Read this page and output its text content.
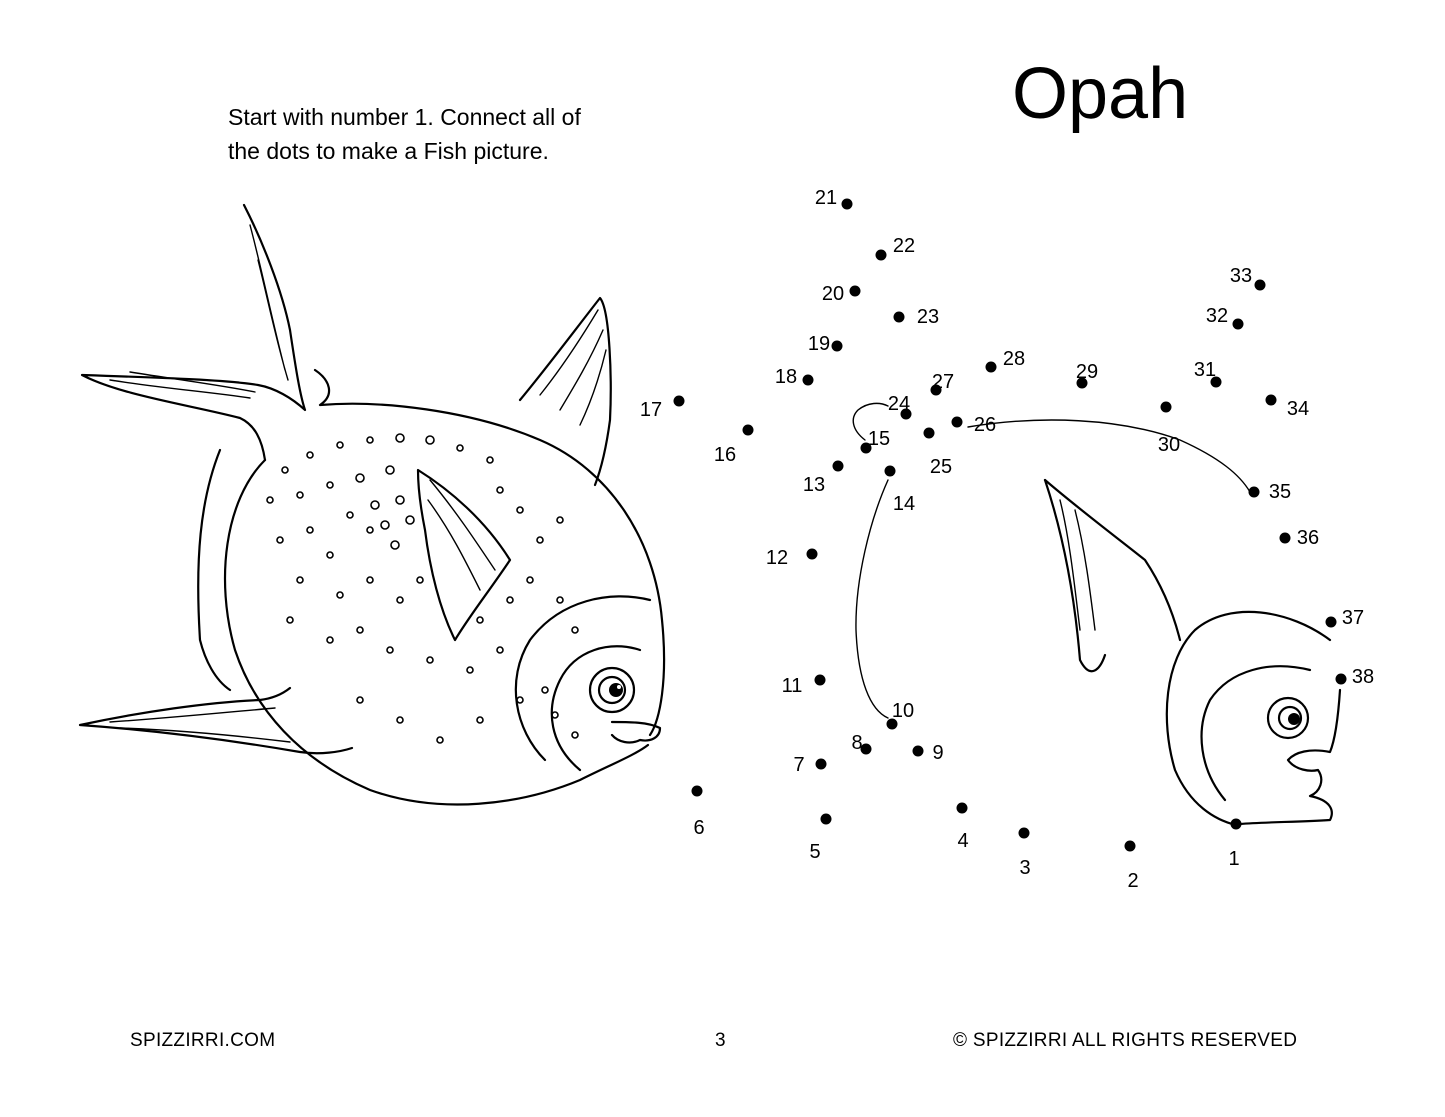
Start with number 1. Connect all of
the dots to make a Fish picture.
Opah
1
2
3
4
5
6
7
8	9
10
11
12
13
14
15
16
17
18
19
20
21
22
23
24
25
26
27
28
29
30
31
32
33
34
35
36
37
38
SPIZZIRRI.COM	3	© SPIZZIRRI ALL RIGHTS RESERVED
